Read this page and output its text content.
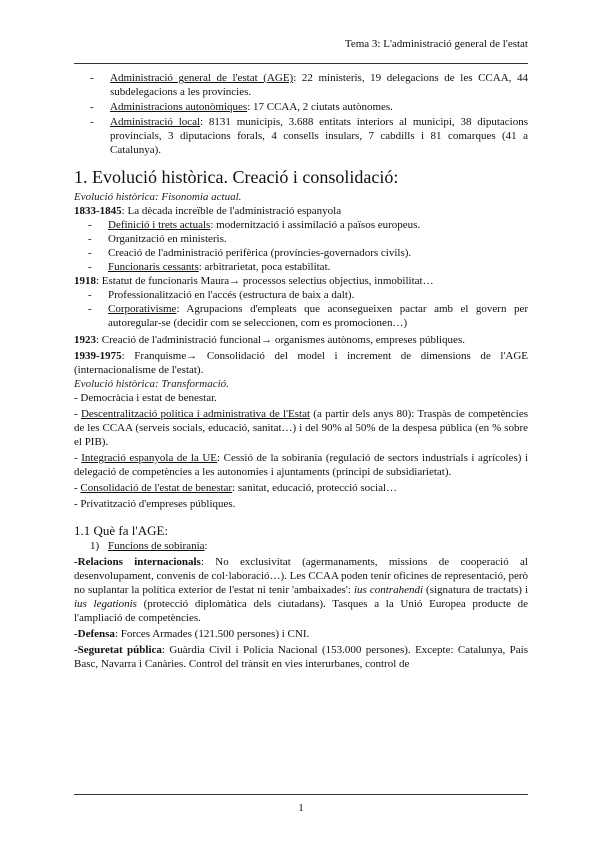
Tema 3: L'administració general de l'estat
- Administració general de l'estat (AGE): 22 ministeris, 19 delegacions de les CCAA, 44 subdelegacions a les províncies.
- Administracions autonòmiques: 17 CCAA, 2 ciutats autònomes.
- Administració local: 8131 municipis, 3.688 entitats interiors al municipi, 38 diputacions provincials, 3 diputacions forals, 4 consells insulars, 7 cabdills i 81 comarques (41 a Catalunya).
1. Evolució històrica. Creació i consolidació:
Evolució històrica: Fisonomia actual.
1833-1845: La dècada increïble de l'administració espanyola
- Definició i trets actuals: modernització i assimilació a països europeus.
- Organització en ministeris.
- Creació de l'administració perifèrica (províncies-governadors civils).
- Funcionaris cessants: arbitrarietat, poca estabilitat.
1918: Estatut de funcionaris Maura→ processos selectius objectius, inmobilitat…
- Professionalització en l'accés (estructura de baix a dalt).
- Corporativisme: Agrupacions d'empleats que aconsegueixen pactar amb el govern per autoregular-se (decidir com se seleccionen, com es promocionen…)
1923: Creació de l'administració funcional→ organismes autònoms, empreses públiques.
1939-1975: Franquisme→ Consolidació del model i increment de dimensions de l'AGE (internacionalisme de l'estat).
Evolució històrica: Transformació.
- Democràcia i estat de benestar.
- Descentralització política i administrativa de l'Estat (a partir dels anys 80): Traspàs de competències de les CCAA (serveis socials, educació, sanitat…) i del 90% al 50% de la despesa pública (en % sobre el PIB).
- Integració espanyola de la UE: Cessió de la sobirania (regulació de sectors industrials i agrícoles) i delegació de competències a les autonomies i ajuntaments (principi de subsidiarietat).
- Consolidació de l'estat de benestar: sanitat, educació, protecció social…
- Privatització d'empreses públiques.
1.1 Què fa l'AGE:
1) Funcions de sobirania:
-Relacions internacionals: No exclusivitat (agermanaments, missions de cooperació al desenvolupament, convenis de col·laboració…). Les CCAA poden tenir oficines de representació, però no suplantar la política exterior de l'estat ni tenir 'ambaixades': ius contrahendi (signatura de tractats) i ius legationis (protecció diplomàtica dels ciutadans). Tasques a la Unió Europea producte de l'ampliació de competències.
-Defensa: Forces Armades (121.500 persones) i CNI.
-Seguretat pública: Guàrdia Civil i Policia Nacional (153.000 persones). Excepte: Catalunya, País Basc, Navarra i Canàries. Control del trànsit en vies interurbanes, control de
1
